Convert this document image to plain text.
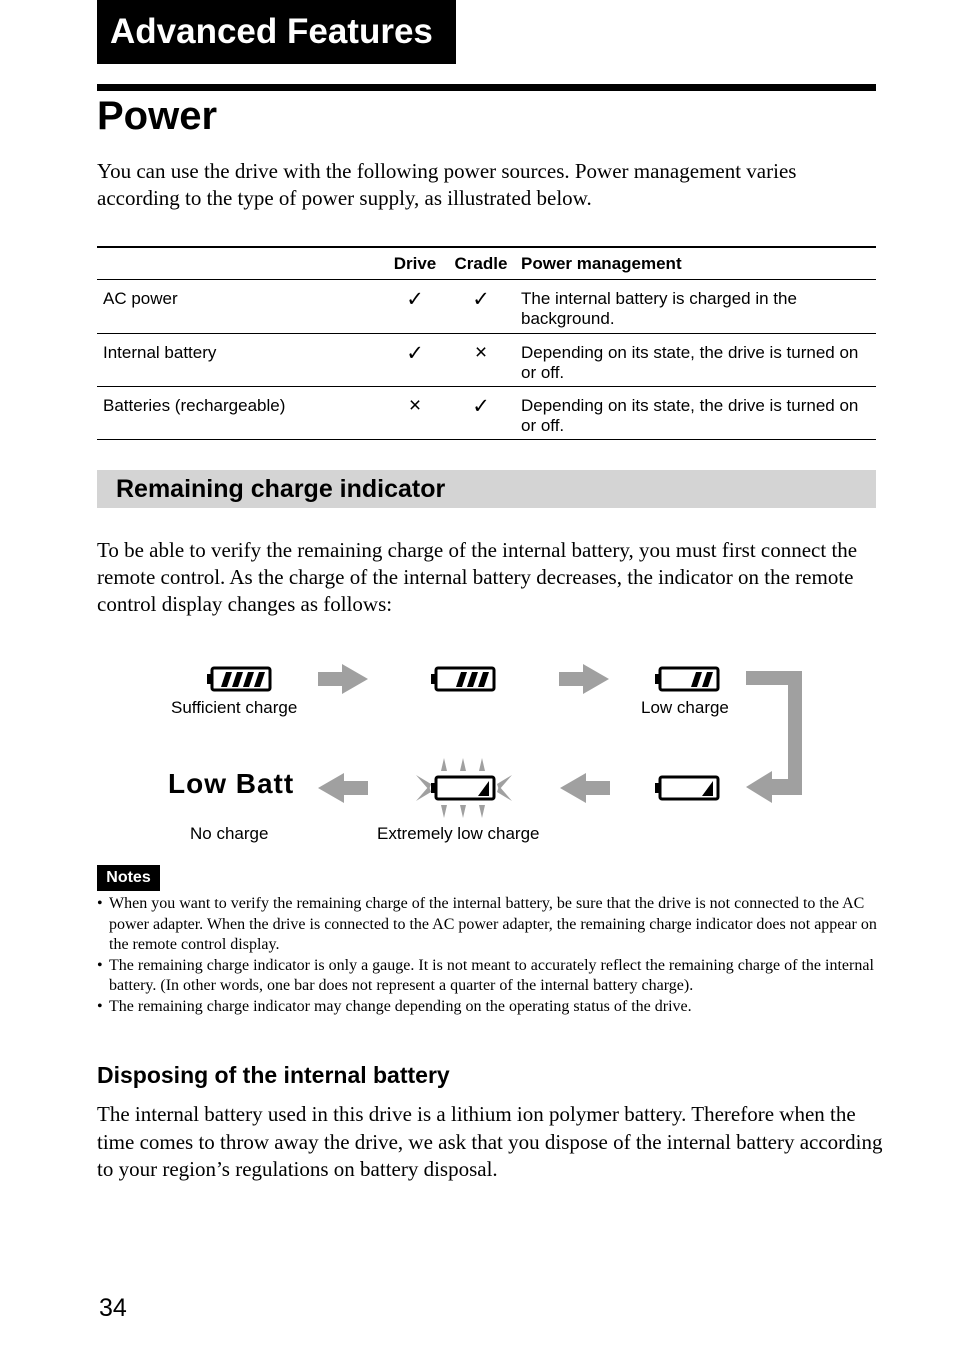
Advanced Features
Power
You can use the drive with the following power sources. Power management varies according to the type of power supply, as illustrated below.
	Drive	Cradle	Power management
AC power	✓	✓	The internal battery is charged in the background.
Internal battery	✓	×	Depending on its state, the drive is turned on or off.
Batteries (rechargeable)	×	✓	Depending on its state, the drive is turned on or off.
Remaining charge indicator
To be able to verify the remaining charge of the internal battery, you must first connect the remote control. As the charge of the internal battery decreases, the indicator on the remote control display changes as follows:
Sufficient charge	Low charge
Low Batt
No charge	Extremely low charge
Notes
• When you want to verify the remaining charge of the internal battery, be sure that the drive is not connected to the AC power adapter. When the drive is connected to the AC power adapter, the remaining charge indicator does not appear on the remote control display.
• The remaining charge indicator is only a gauge. It is not meant to accurately reflect the remaining charge of the internal battery. (In other words, one bar does not represent a quarter of the internal battery charge).
• The remaining charge indicator may change depending on the operating status of the drive.
Disposing of the internal battery
The internal battery used in this drive is a lithium ion polymer battery. Therefore when the time comes to throw away the drive, we ask that you dispose of the internal battery according to your region’s regulations on battery disposal.
34
